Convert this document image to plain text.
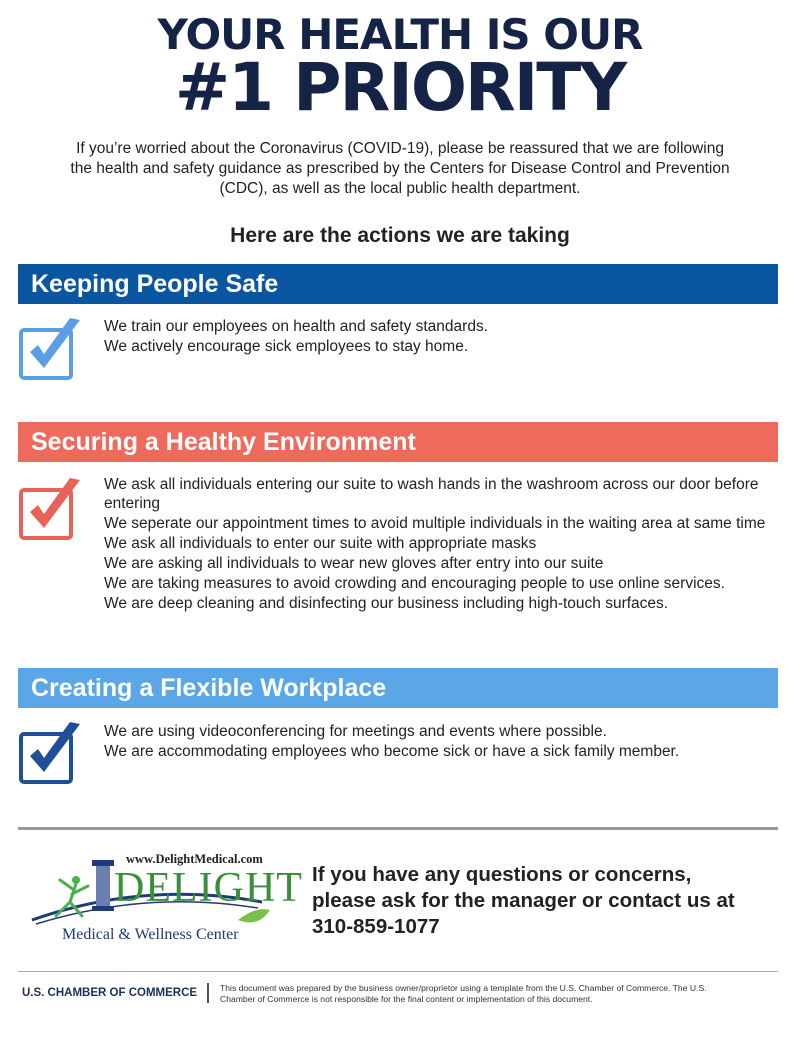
YOUR HEALTH IS OUR
#1 PRIORITY
If you’re worried about the Coronavirus (COVID-19), please be reassured that we are following
the health and safety guidance as prescribed by the Centers for Disease Control and Prevention
(CDC), as well as the local public health department.
Here are the actions we are taking
Keeping People Safe
We train our employees on health and safety standards.
We actively encourage sick employees to stay home.
Securing a Healthy Environment
We ask all individuals entering our suite to wash hands in the washroom across our door before entering
We seperate our appointment times to avoid multiple individuals in the waiting area at same time
We ask all individuals to enter our suite with appropriate masks
We are asking all individuals to wear new gloves after entry into our suite
We are taking measures to avoid crowding and encouraging people to use online services.
We are deep cleaning and disinfecting our business including high-touch surfaces.
Creating a Flexible Workplace
We are using videoconferencing for meetings and events where possible.
We are accommodating employees who become sick or have a sick family member.
www.DelightMedical.com
DELIGHT
Medical & Wellness Center
If you have any questions or concerns,
please ask for the manager or contact us at
310-859-1077
U.S. CHAMBER OF COMMERCE	This document was prepared by the business owner/proprietor using a template from the U.S. Chamber of Commerce. The U.S.
Chamber of Commerce is not responsible for the final content or implementation of this document.
